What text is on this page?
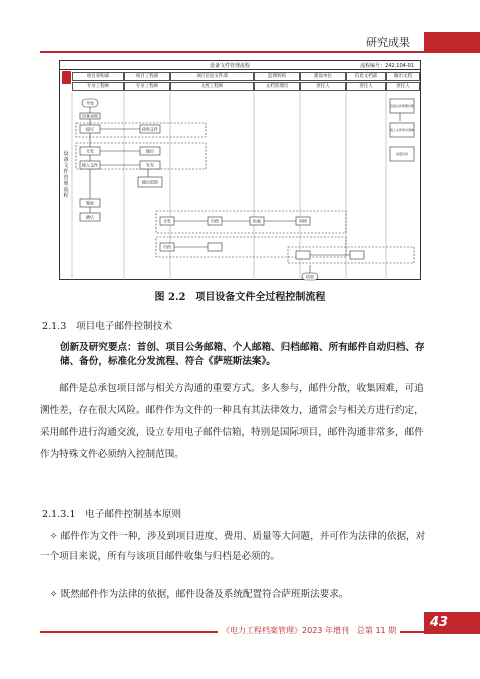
研究成果
设备文件管理流程	流程编号：242.104-01
项目采购部	项目工程部	项目信息文件部	监理机构	建设单位	信息文档部	输出文档
专业工程师	专业工程师	文控工程师	文档管理员	责任人	责任人	责任人
设备文件管理流程
开始
设备采购
提议	接收文件
分发
输入文件
输出
发布
输出范围
签收
确认
分发	归档	检索	审核
归档
结束
设备文件管理台账
竣工文件移交清单
质量目录
图 2.2　项目设备文件全过程控制流程
2.1.3　项目电子邮件控制技术
创新及研究要点：首创、项目公务邮箱、个人邮箱、归档邮箱、所有邮件自动归档、存储、备份，标准化分发流程、符合《萨班斯法案》。
邮件是总承包项目部与相关方沟通的重要方式。多人参与，邮件分散，收集困难，可追溯性差，存在很大风险。邮件作为文件的一种具有其法律效力，通常会与相关方进行约定，采用邮件进行沟通交流，设立专用电子邮件信箱，特别是国际项目，邮件沟通非常多，邮件作为特殊文件必须纳入控制范围。
2.1.3.1　电子邮件控制基本原则
✧ 邮件作为文件一种，涉及到项目进度、费用、质量等大问题，并可作为法律的依据，对一个项目来说，所有与该项目邮件收集与归档是必须的。
✧ 既然邮件作为法律的依据，邮件设备及系统配置符合萨班斯法要求。
《电力工程档案管理》2023 年增刊　总第 11 期
43
